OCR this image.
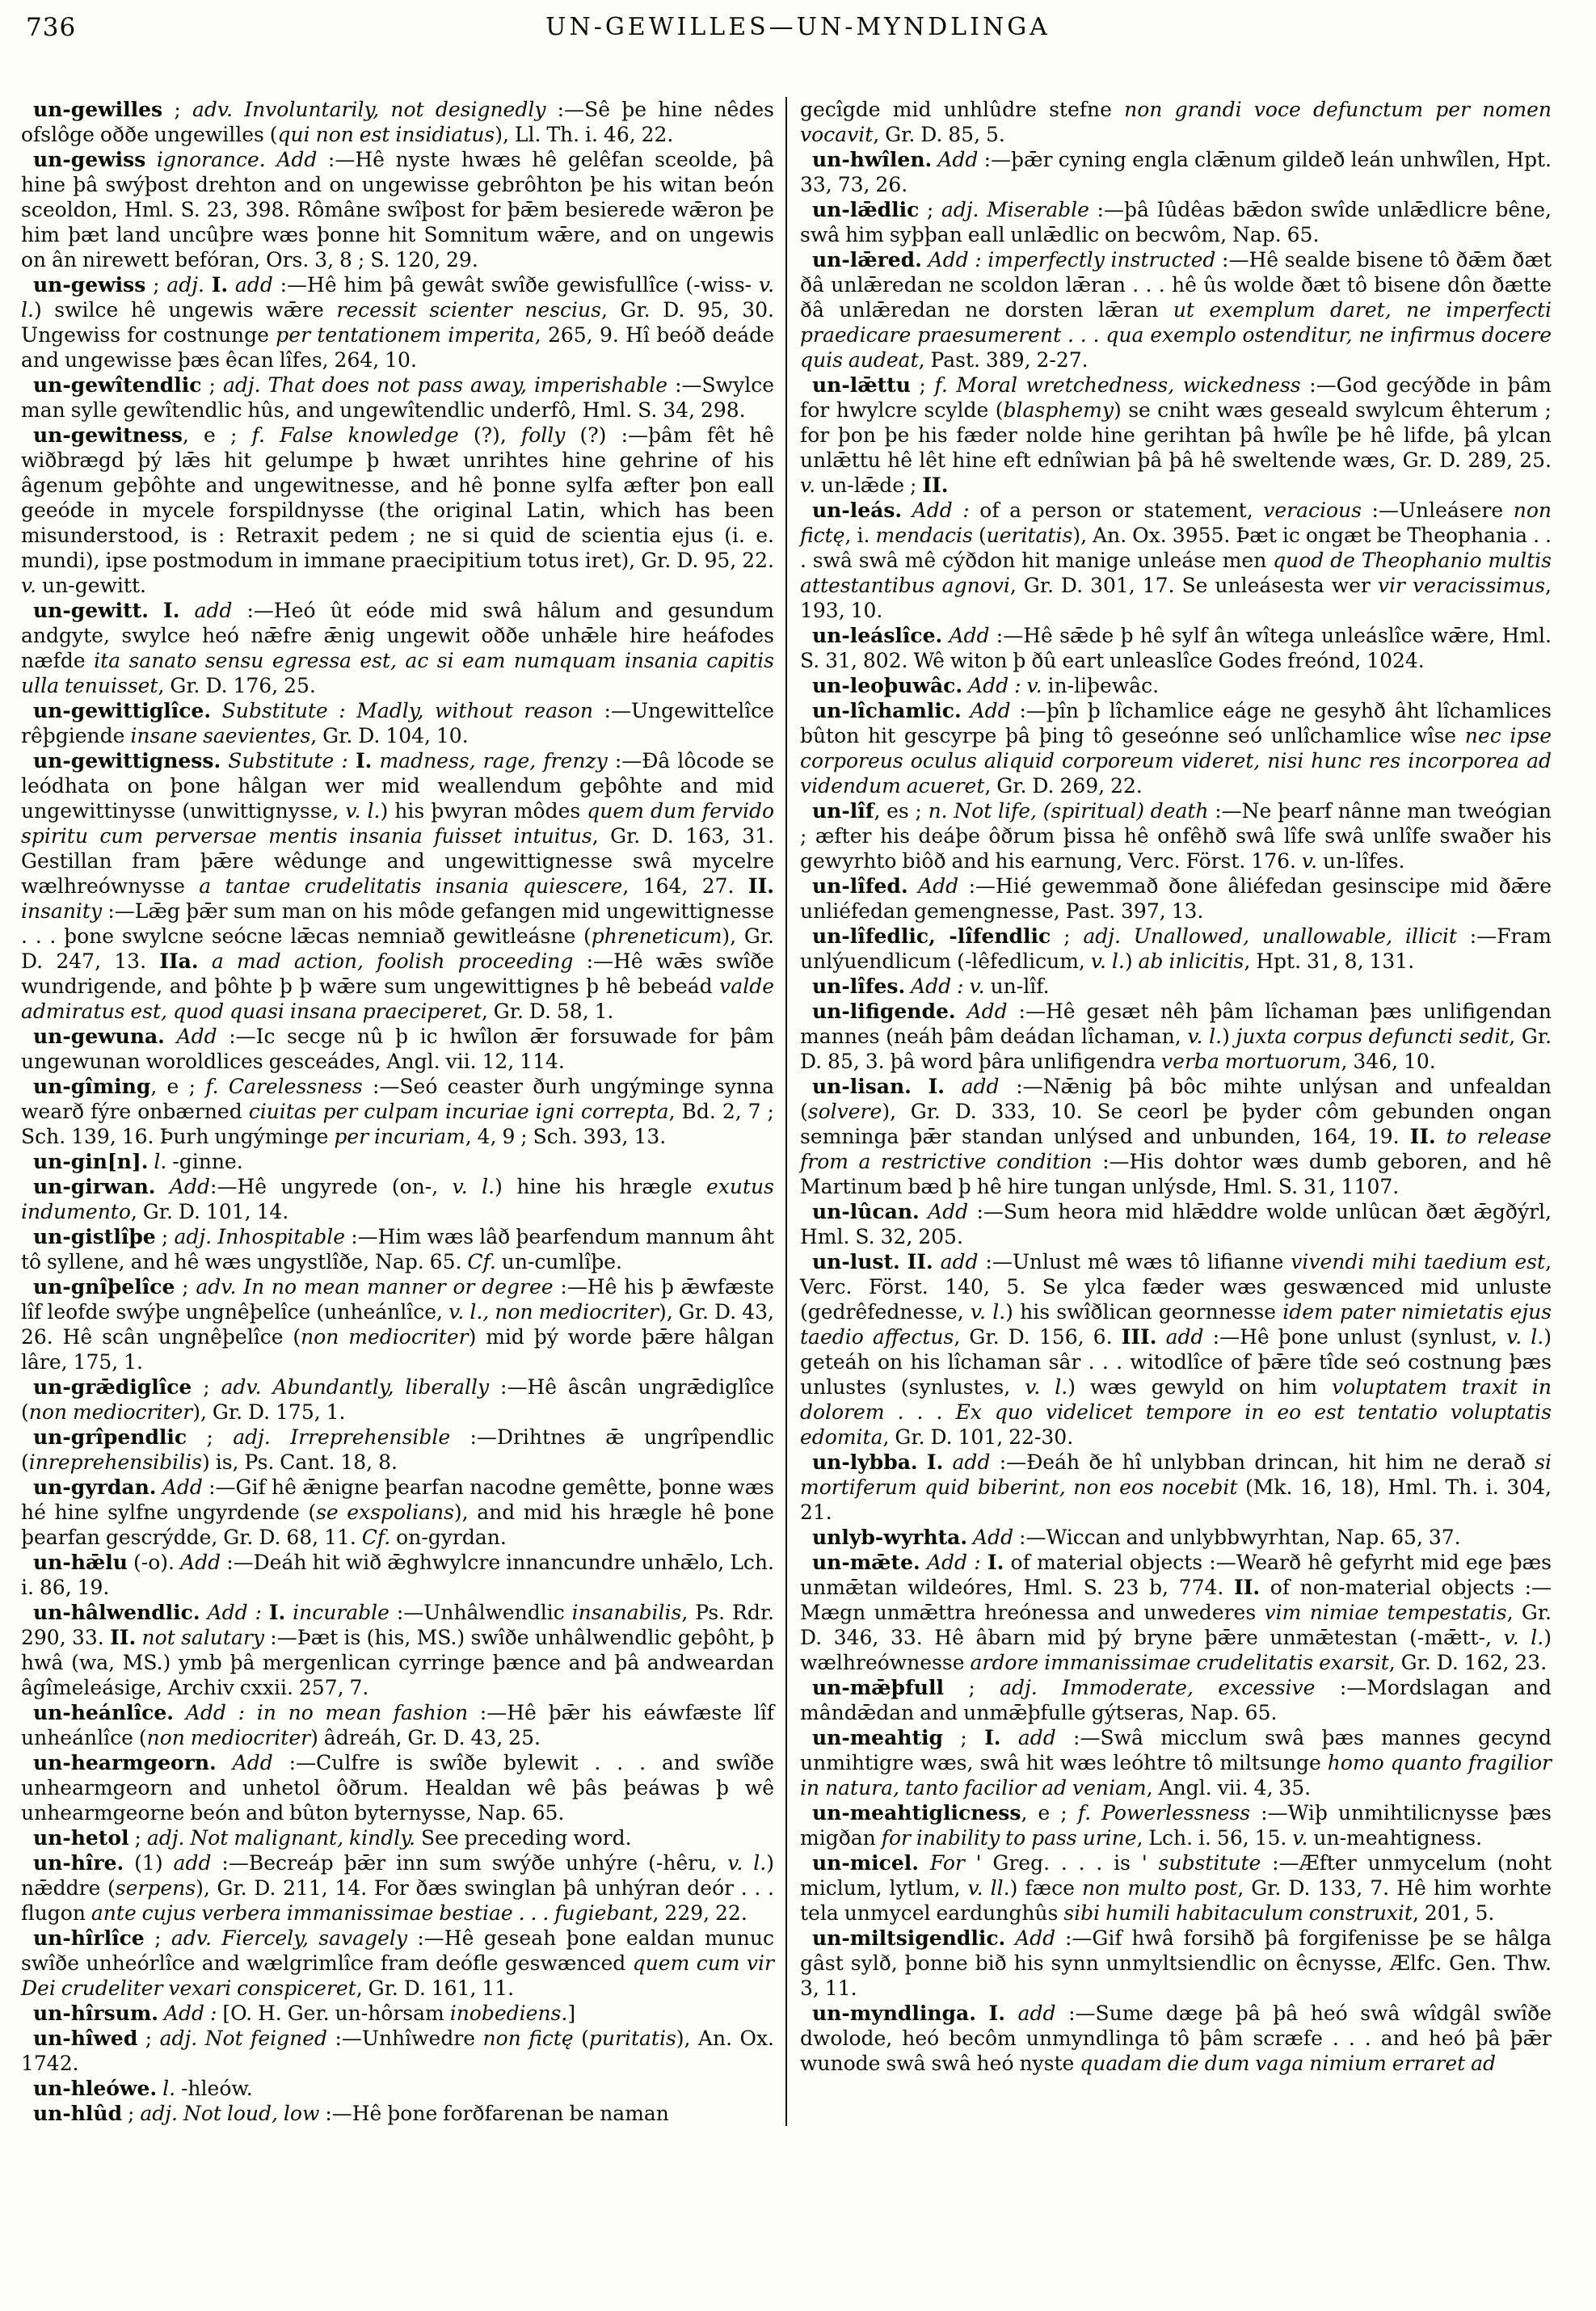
736	UN-GEWILLES—UN-MYNDLINGA

un-gewilles ; adv. Involuntarily, not designedly :—Sê þe hine nêdes ofslôge oððe ungewilles (qui non est insidiatus), Ll. Th. i. 46, 22.

un-gewiss ignorance. Add :—Hê nyste hwæs hê gelêfan sceolde, þâ hine þâ swýþost drehton and on ungewisse gebrôhton þe his witan beón sceoldon, Hml. S. 23, 398. Rômâne swîþost for þǣm besierede wǣron þe him þæt land uncûþre wæs þonne hit Somnitum wǣre, and on ungewis on ân nirewett befóran, Ors. 3, 8 ; S. 120, 29.

un-gewiss ; adj. I. add :—Hê him þâ gewât swîðe gewisfullîce (-wiss- v. l.) swilce hê ungewis wǣre recessit scienter nescius, Gr. D. 95, 30. Ungewiss for costnunge per tentationem imperita, 265, 9. Hî beóð deáde and ungewisse þæs êcan lîfes, 264, 10.

un-gewîtendlic ; adj. That does not pass away, imperishable :—Swylce man sylle gewîtendlic hûs, and ungewîtendlic underfô, Hml. S. 34, 298.

un-gewitness, e ; f. False knowledge (?), folly (?) :—þâm fêt hê wiðbrægd þý lǣs hit gelumpe þ hwæt unrihtes hine gehrine of his âgenum geþôhte and ungewitnesse, and hê þonne sylfa æfter þon eall geeóde in mycele forspildnysse (the original Latin, which has been misunderstood, is : Retraxit pedem ; ne si quid de scientia ejus (i. e. mundi), ipse postmodum in immane praecipitium totus iret), Gr. D. 95, 22. v. un-gewitt.

un-gewitt. I. add :—Heó ût eóde mid swâ hâlum and gesundum andgyte, swylce heó nǣfre ǣnig ungewit oððe unhǣle hire heáfodes næfde ita sanato sensu egressa est, ac si eam numquam insania capitis ulla tenuisset, Gr. D. 176, 25.

un-gewittiglîce. Substitute : Madly, without reason :—Ungewittelîce rêþgiende insane saevientes, Gr. D. 104, 10.

un-gewittigness. Substitute : I. madness, rage, frenzy :—Ðâ lôcode se leódhata on þone hâlgan wer mid weallendum geþôhte and mid ungewittinysse (unwittignysse, v. l.) his þwyran môdes quem dum fervido spiritu cum perversae mentis insania fuisset intuitus, Gr. D. 163, 31. Gestillan fram þǣre wêdunge and ungewittignesse swâ mycelre wælhreównysse a tantae crudelitatis insania quiescere, 164, 27. II. insanity :—Lǣg þǣr sum man on his môde gefangen mid ungewittignesse . . . þone swylcne seócne lǣcas nemniað gewitleásne (phreneticum), Gr. D. 247, 13. IIa. a mad action, foolish proceeding :—Hê wǣs swîðe wundrigende, and þôhte þ þ wǣre sum ungewittignes þ hê bebeád valde admiratus est, quod quasi insana praeciperet, Gr. D. 58, 1.

un-gewuna. Add :—Ic secge nû þ ic hwîlon ǣr forsuwade for þâm ungewunan woroldlices gesceádes, Angl. vii. 12, 114.

un-gîming, e ; f. Carelessness :—Seó ceaster ðurh ungýminge synna wearð fýre onbærned ciuitas per culpam incuriae igni correpta, Bd. 2, 7 ; Sch. 139, 16. Þurh ungýminge per incuriam, 4, 9 ; Sch. 393, 13.

un-gin[n]. l. -ginne.

un-girwan. Add:—Hê ungyrede (on-, v. l.) hine his hrægle exutus indumento, Gr. D. 101, 14.

un-gistlîþe ; adj. Inhospitable :—Him wæs lâð þearfendum mannum âht tô syllene, and hê wæs ungystlîðe, Nap. 65. Cf. un-cumlîþe.

un-gnîþelîce ; adv. In no mean manner or degree :—Hê his þ ǣwfæste lîf leofde swýþe ungnêþelîce (unheánlîce, v. l., non mediocriter), Gr. D. 43, 26. Hê scân ungnêþelîce (non mediocriter) mid þý worde þǣre hâlgan lâre, 175, 1.

un-grǣdiglîce ; adv. Abundantly, liberally :—Hê âscân ungrǣdiglîce (non mediocriter), Gr. D. 175, 1.

un-grîpendlic ; adj. Irreprehensible :—Drihtnes ǣ ungrîpendlic (inreprehensibilis) is, Ps. Cant. 18, 8.

un-gyrdan. Add :—Gif hê ǣnigne þearfan nacodne gemêtte, þonne wæs hé hine sylfne ungyrdende (se exspolians), and mid his hrægle hê þone þearfan gescrýdde, Gr. D. 68, 11. Cf. on-gyrdan.

un-hǣlu (-o). Add :—Deáh hit wið ǣghwylcre innancundre unhǣlo, Lch. i. 86, 19.

un-hâlwendlic. Add : I. incurable :—Unhâlwendlic insanabilis, Ps. Rdr. 290, 33. II. not salutary :—Þæt is (his, MS.) swîðe unhâlwendlic geþôht, þ hwâ (wa, MS.) ymb þâ mergenlican cyrringe þænce and þâ andweardan âgîmeleásige, Archiv cxxii. 257, 7.

un-heánlîce. Add : in no mean fashion :—Hê þǣr his eáwfæste lîf unheánlîce (non mediocriter) âdreáh, Gr. D. 43, 25.

un-hearmgeorn. Add :—Culfre is swîðe bylewit . . . and swîðe unhearmgeorn and unhetol ôðrum. Healdan wê þâs þeáwas þ wê unhearmgeorne beón and bûton byternysse, Nap. 65.

un-hetol ; adj. Not malignant, kindly. See preceding word.

un-hîre. (1) add :—Becreáp þǣr inn sum swýðe unhýre (-hêru, v. l.) nǣddre (serpens), Gr. D. 211, 14. For ðæs swinglan þâ unhýran deór . . . flugon ante cujus verbera immanissimae bestiae . . . fugiebant, 229, 22.

un-hîrlîce ; adv. Fiercely, savagely :—Hê geseah þone ealdan munuc swîðe unheórlîce and wælgrimlîce fram deófle geswænced quem cum vir Dei crudeliter vexari conspiceret, Gr. D. 161, 11.

un-hîrsum. Add : [O. H. Ger. un-hôrsam inobediens.]

un-hîwed ; adj. Not feigned :—Unhîwedre non fictę (puritatis), An. Ox. 1742.

un-hleówe. l. -hleów.

un-hlûd ; adj. Not loud, low :—Hê þone forðfarenan be naman

gecîgde mid unhlûdre stefne non grandi voce defunctum per nomen vocavit, Gr. D. 85, 5.

un-hwîlen. Add :—þǣr cyning engla clǣnum gildeð leán unhwîlen, Hpt. 33, 73, 26.

un-lǣdlic ; adj. Miserable :—þâ Iûdêas bǣdon swîde unlǣdlicre bêne, swâ him syþþan eall unlǣdlic on becwôm, Nap. 65.

un-lǣred. Add : imperfectly instructed :—Hê sealde bisene tô ðǣm ðæt ðâ unlǣredan ne scoldon lǣran . . . hê ûs wolde ðæt tô bisene dôn ðætte ðâ unlǣredan ne dorsten lǣran ut exemplum daret, ne imperfecti praedicare praesumerent . . . qua exemplo ostenditur, ne infirmus docere quis audeat, Past. 389, 2-27.

un-lǣttu ; f. Moral wretchedness, wickedness :—God gecýðde in þâm for hwylcre scylde (blasphemy) se cniht wæs geseald swylcum êhterum ; for þon þe his fæder nolde hine gerihtan þâ hwîle þe hê lifde, þâ ylcan unlǣttu hê lêt hine eft ednîwian þâ þâ hê sweltende wæs, Gr. D. 289, 25. v. un-lǣde ; II.

un-leás. Add : of a person or statement, veracious :—Unleásere non fictę, i. mendacis (ueritatis), An. Ox. 3955. Þæt ic ongæt be Theophania . . . swâ swâ mê cýðdon hit manige unleáse men quod de Theophanio multis attestantibus agnovi, Gr. D. 301, 17. Se unleásesta wer vir veracissimus, 193, 10.

un-leáslîce. Add :—Hê sǣde þ hê sylf ân wîtega unleáslîce wǣre, Hml. S. 31, 802. Wê witon þ ðû eart unleaslîce Godes freónd, 1024.

un-leoþuwâc. Add : v. in-liþewâc.

un-lîchamlic. Add :—þîn þ lîchamlice eáge ne gesyhð âht lîchamlices bûton hit gescyrpe þâ þing tô geseónne seó unlîchamlice wîse nec ipse corporeus oculus aliquid corporeum videret, nisi hunc res incorporea ad videndum acueret, Gr. D. 269, 22.

un-lîf, es ; n. Not life, (spiritual) death :—Ne þearf nânne man tweógian ; æfter his deáþe ôðrum þissa hê onfêhð swâ lîfe swâ unlîfe swaðer his gewyrhto biôð and his earnung, Verc. Först. 176. v. un-lîfes.

un-lîfed. Add :—Hié gewemmað ðone âliéfedan gesinscipe mid ðǣre unliéfedan gemengnesse, Past. 397, 13.

un-lîfedlic, -lîfendlic ; adj. Unallowed, unallowable, illicit :—Fram unlýuendlicum (-lêfedlicum, v. l.) ab inlicitis, Hpt. 31, 8, 131.

un-lîfes. Add : v. un-lîf.

un-lifigende. Add :—Hê gesæt nêh þâm lîchaman þæs unlifigendan mannes (neáh þâm deádan lîchaman, v. l.) juxta corpus defuncti sedit, Gr. D. 85, 3. þâ word þâra unlifigendra verba mortuorum, 346, 10.

un-lisan. I. add :—Nǣnig þâ bôc mihte unlýsan and unfealdan (solvere), Gr. D. 333, 10. Se ceorl þe þyder côm gebunden ongan semninga þǣr standan unlýsed and unbunden, 164, 19. II. to release from a restrictive condition :—His dohtor wæs dumb geboren, and hê Martinum bæd þ hê hire tungan unlýsde, Hml. S. 31, 1107.

un-lûcan. Add :—Sum heora mid hlǣddre wolde unlûcan ðæt ǣgðýrl, Hml. S. 32, 205.

un-lust. II. add :—Unlust mê wæs tô lifianne vivendi mihi taedium est, Verc. Först. 140, 5. Se ylca fæder wæs geswænced mid unluste (gedrêfednesse, v. l.) his swîðlican geornnesse idem pater nimietatis ejus taedio affectus, Gr. D. 156, 6. III. add :—Hê þone unlust (synlust, v. l.) geteáh on his lîchaman sâr . . . witodlîce of þǣre tîde seó costnung þæs unlustes (synlustes, v. l.) wæs gewyld on him voluptatem traxit in dolorem . . . Ex quo videlicet tempore in eo est tentatio voluptatis edomita, Gr. D. 101, 22-30.

un-lybba. I. add :—Ðeáh ðe hî unlybban drincan, hit him ne derað si mortiferum quid biberint, non eos nocebit (Mk. 16, 18), Hml. Th. i. 304, 21.

unlyb-wyrhta. Add :—Wiccan and unlybbwyrhtan, Nap. 65, 37.

un-mǣte. Add : I. of material objects :—Wearð hê gefyrht mid ege þæs unmǣtan wildeóres, Hml. S. 23 b, 774. II. of non-material objects :—Mægn unmǣttra hreónessa and unwederes vim nimiae tempestatis, Gr. D. 346, 33. Hê âbarn mid þý bryne þǣre unmǣtestan (-mǣtt-, v. l.) wælhreównesse ardore immanissimae crudelitatis exarsit, Gr. D. 162, 23.

un-mǣþfull ; adj. Immoderate, excessive :—Mordslagan and mândǣdan and unmǣþfulle gýtseras, Nap. 65.

un-meahtig ; I. add :—Swâ micclum swâ þæs mannes gecynd unmihtigre wæs, swâ hit wæs leóhtre tô miltsunge homo quanto fragilior in natura, tanto facilior ad veniam, Angl. vii. 4, 35.

un-meahtiglicness, e ; f. Powerlessness :—Wiþ unmihtilicnysse þæs migðan for inability to pass urine, Lch. i. 56, 15. v. un-meahtigness.

un-micel. For ' Greg. . . . is ' substitute :—Æfter unmycelum (noht miclum, lytlum, v. ll.) fæce non multo post, Gr. D. 133, 7. Hê him worhte tela unmycel eardunghûs sibi humili habitaculum construxit, 201, 5.

un-miltsigendlic. Add :—Gif hwâ forsihð þâ forgifenisse þe se hâlga gâst sylð, þonne bið his synn unmyltsiendlic on êcnysse, Ælfc. Gen. Thw. 3, 11.

un-myndlinga. I. add :—Sume dæge þâ þâ heó swâ wîdgâl swîðe dwolode, heó becôm unmyndlinga tô þâm scræfe . . . and heó þâ þǣr wunode swâ swâ heó nyste quadam die dum vaga nimium erraret ad
